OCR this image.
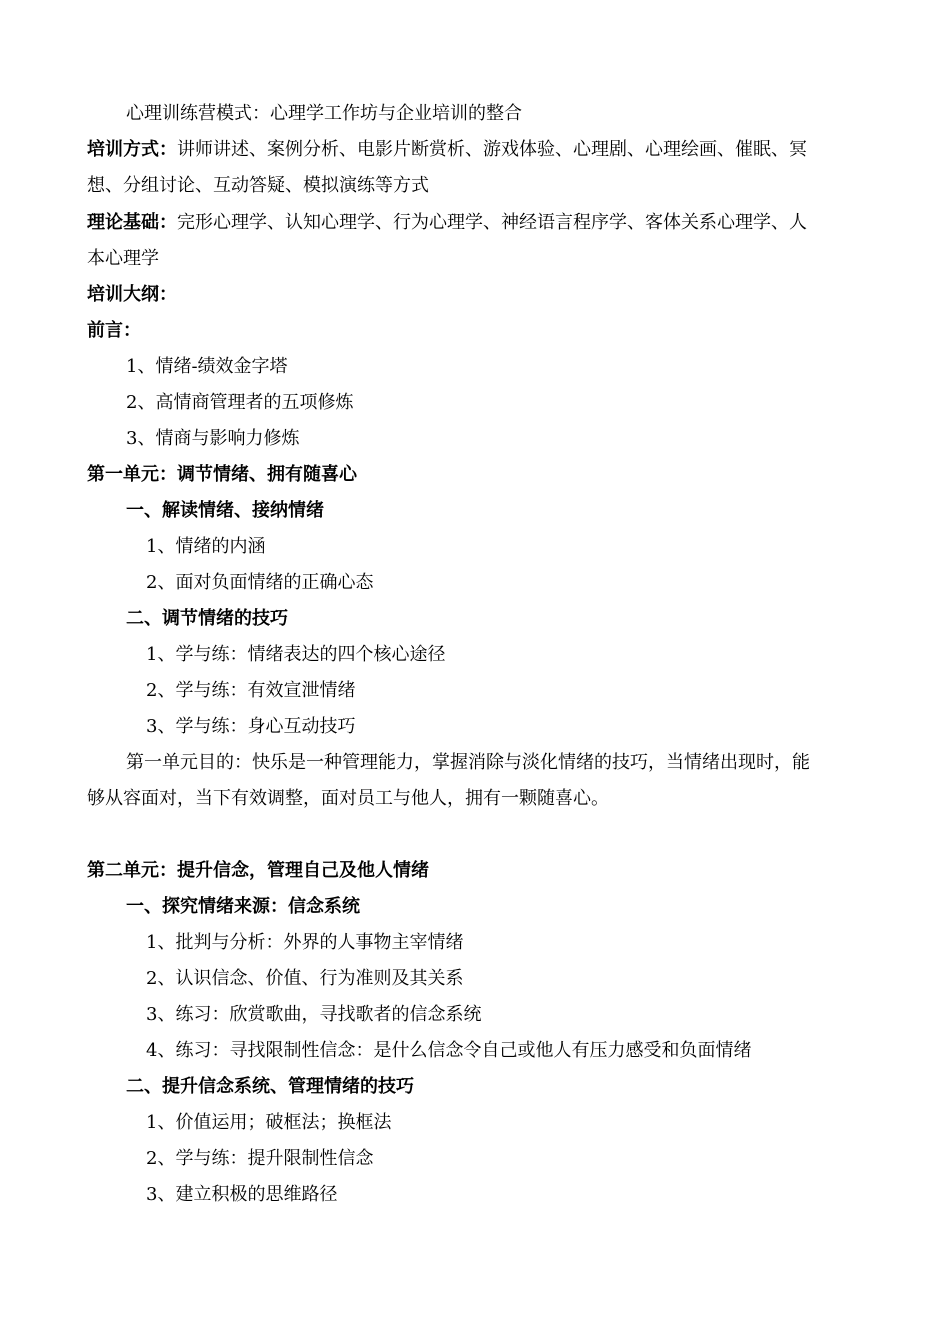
心理训练营模式：心理学工作坊与企业培训的整合
培训方式：讲师讲述、案例分析、电影片断赏析、游戏体验、心理剧、心理绘画、催眠、冥
想、分组讨论、互动答疑、模拟演练等方式
理论基础：完形心理学、认知心理学、行为心理学、神经语言程序学、客体关系心理学、人
本心理学
培训大纲：
前言：
1、情绪-绩效金字塔
2、高情商管理者的五项修炼
3、情商与影响力修炼
第一单元：调节情绪、拥有随喜心
一、解读情绪、接纳情绪
1、情绪的内涵
2、面对负面情绪的正确心态
二、调节情绪的技巧
1、学与练：情绪表达的四个核心途径
2、学与练：有效宣泄情绪
3、学与练：身心互动技巧
第一单元目的：快乐是一种管理能力，掌握消除与淡化情绪的技巧，当情绪出现时，能
够从容面对，当下有效调整，面对员工与他人，拥有一颗随喜心。
第二单元：提升信念，管理自己及他人情绪
一、探究情绪来源：信念系统
1、批判与分析：外界的人事物主宰情绪
2、认识信念、价值、行为准则及其关系
3、练习：欣赏歌曲，寻找歌者的信念系统
4、练习：寻找限制性信念：是什么信念令自己或他人有压力感受和负面情绪
二、提升信念系统、管理情绪的技巧
1、价值运用；破框法；换框法
2、学与练：提升限制性信念
3、建立积极的思维路径
